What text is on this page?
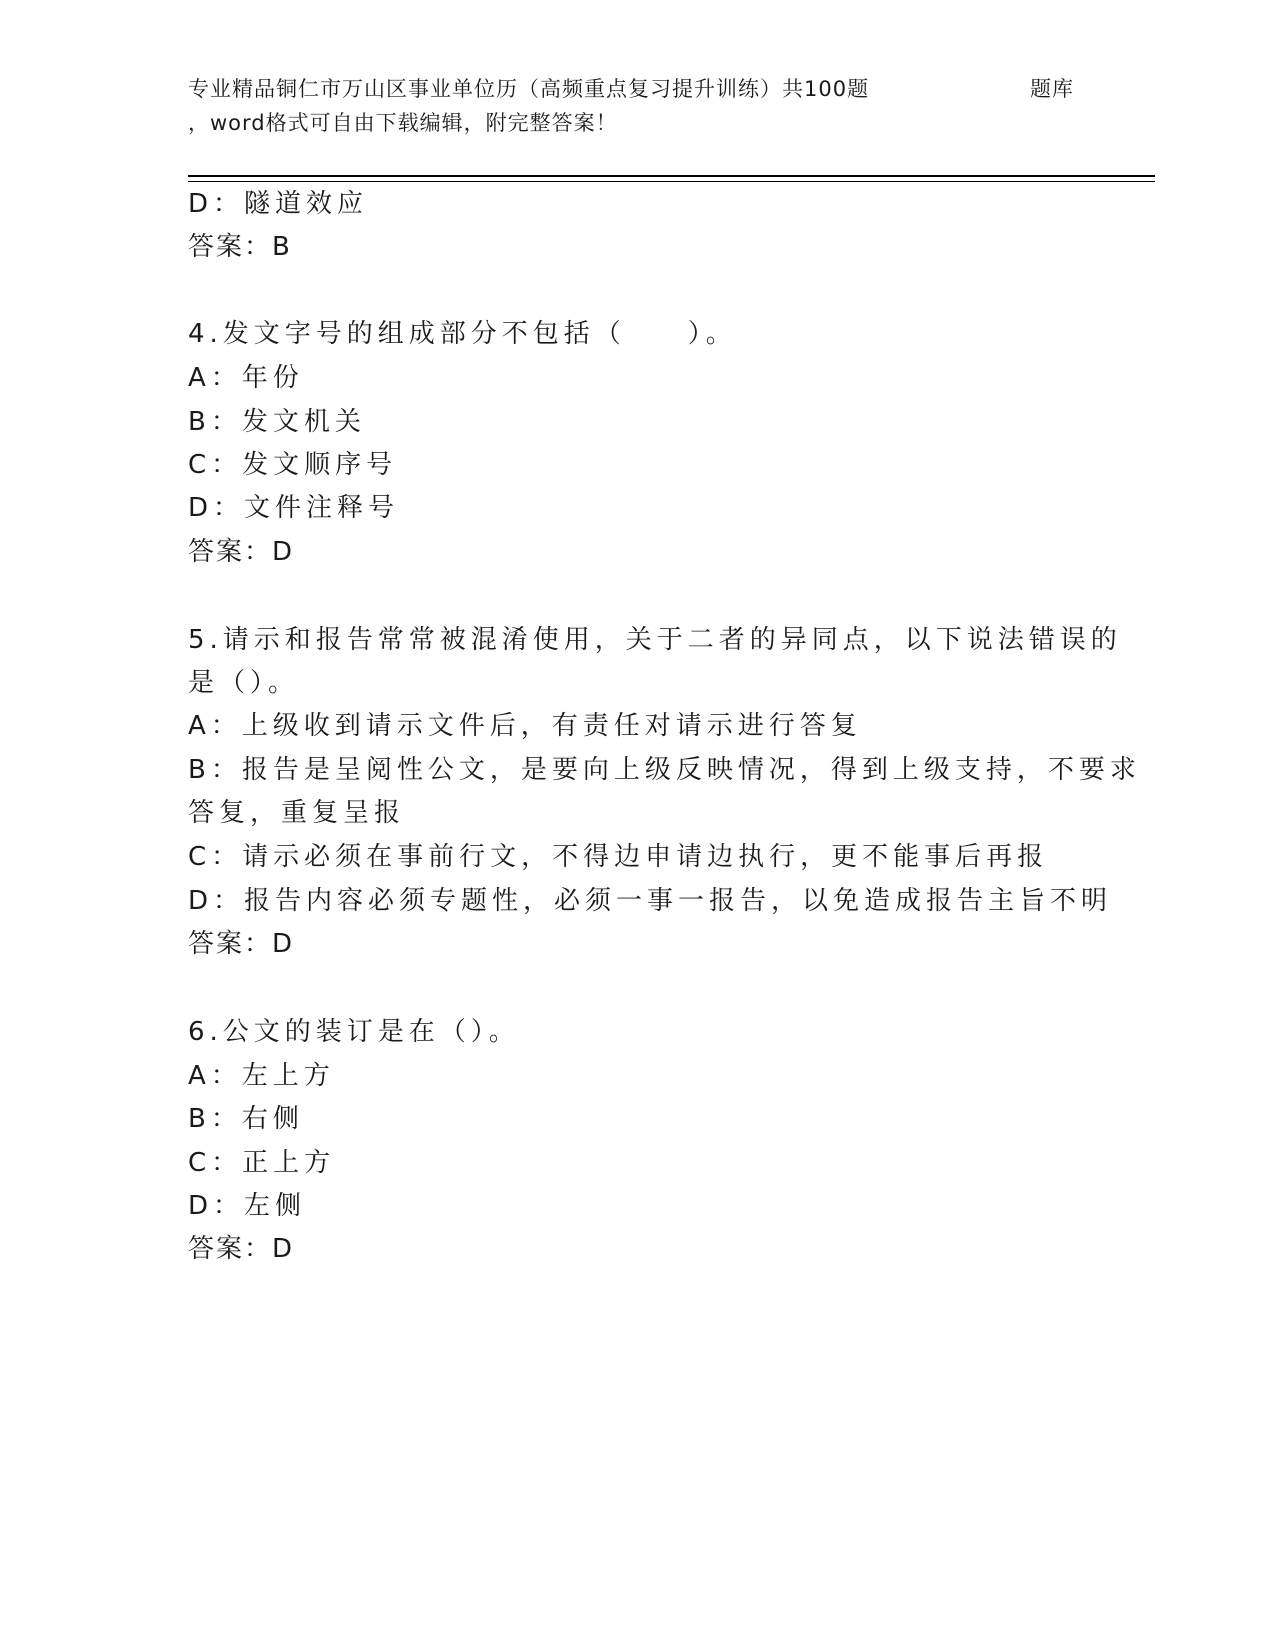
专业精品铜仁市万山区事业单位历（高频重点复习提升训练）共100题	题库
，word格式可自由下载编辑，附完整答案！
D：隧道效应
答案：B
4.发文字号的组成部分不包括（　　）。
A：年份
B：发文机关
C：发文顺序号
D：文件注释号
答案：D
5.请示和报告常常被混淆使用，关于二者的异同点，以下说法错误的
是（）。
A：上级收到请示文件后，有责任对请示进行答复
B：报告是呈阅性公文，是要向上级反映情况，得到上级支持，不要求
答复，重复呈报
C：请示必须在事前行文，不得边申请边执行，更不能事后再报
D：报告内容必须专题性，必须一事一报告，以免造成报告主旨不明
答案：D
6.公文的装订是在（）。
A：左上方
B：右侧
C：正上方
D：左侧
答案：D
